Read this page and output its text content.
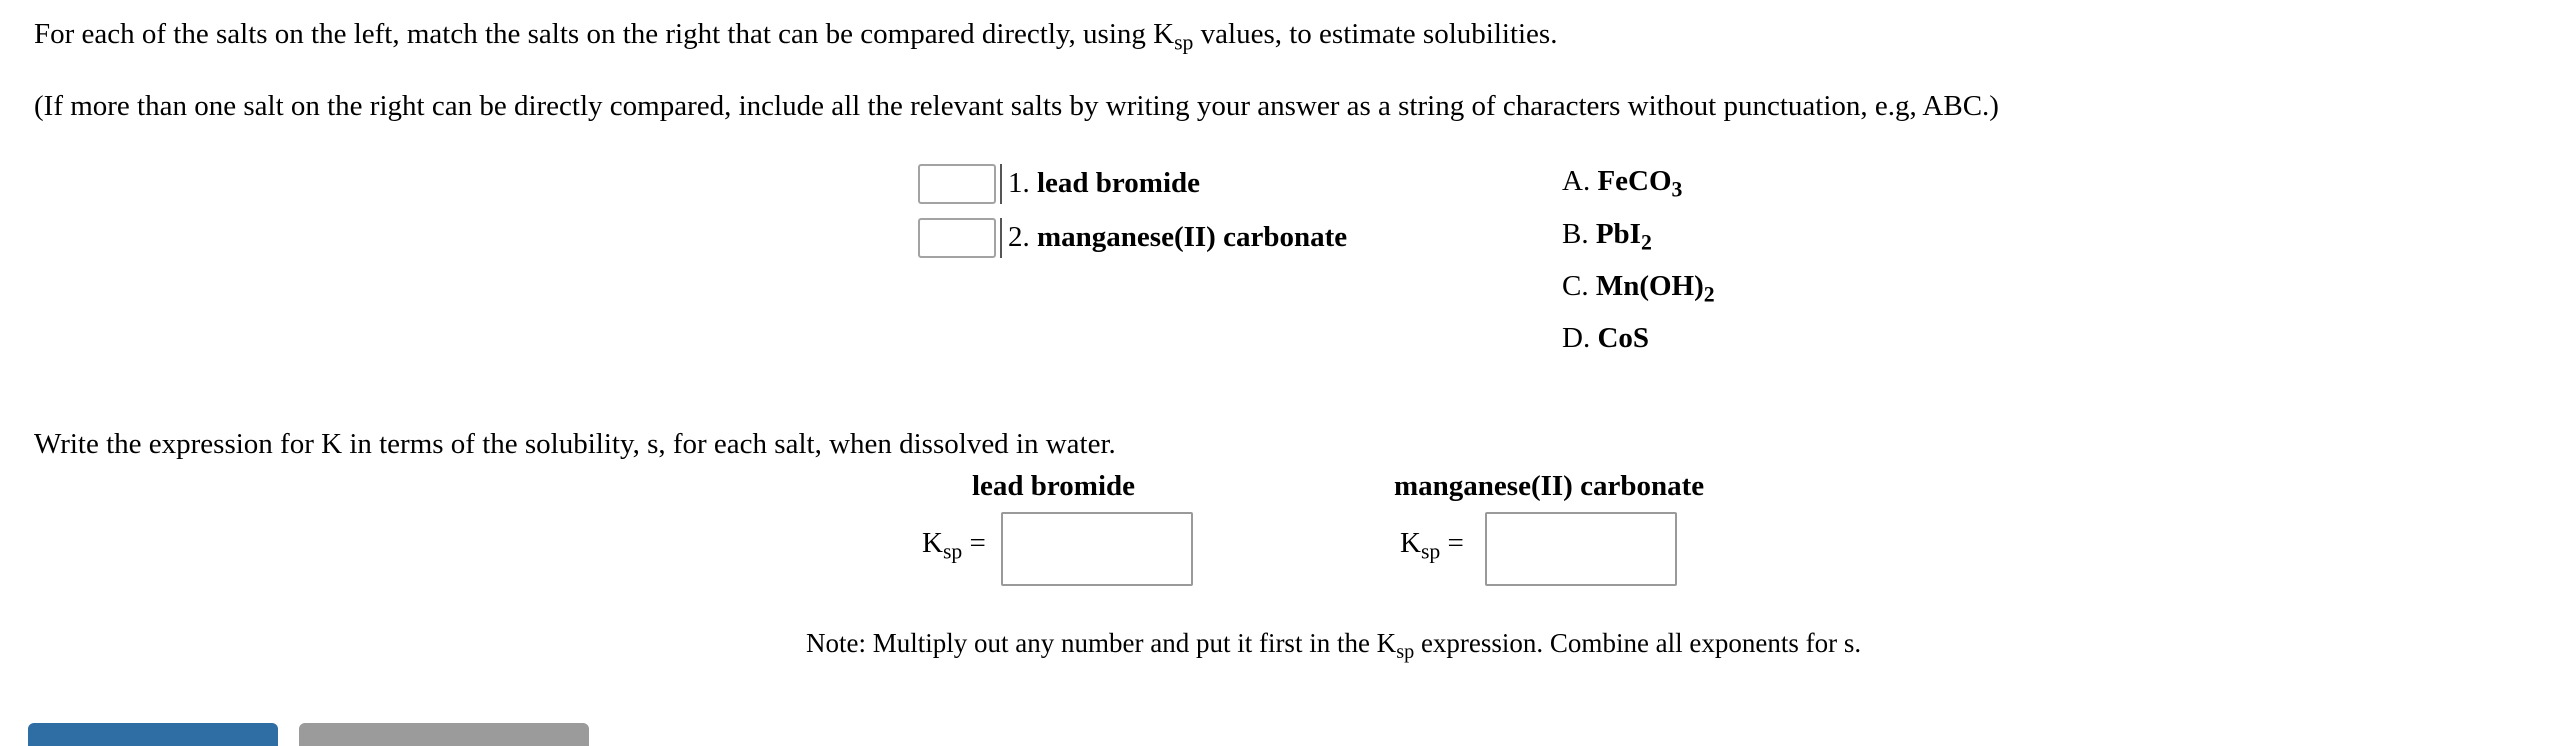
For each of the salts on the left, match the salts on the right that can be compared directly, using $K_{sp}$ values, to estimate solubilities.
(If more than one salt on the right can be directly compared, include all the relevant salts by writing your answer as a string of characters without punctuation, e.g, ABC.)
1. lead bromide
2. manganese(II) carbonate
A. FeCO$_3$
B. PbI$_2$
C. $Mn(OH)_2$
D. CoS
Write the expression for K in terms of the solubility, s, for each salt, when dissolved in water.
lead bromide	manganese(II) carbonate
$K_{sp}$ =	$K_{sp}$ =
Note: Multiply out any number and put it first in the $K_{sp}$ expression. Combine all exponents for s.
